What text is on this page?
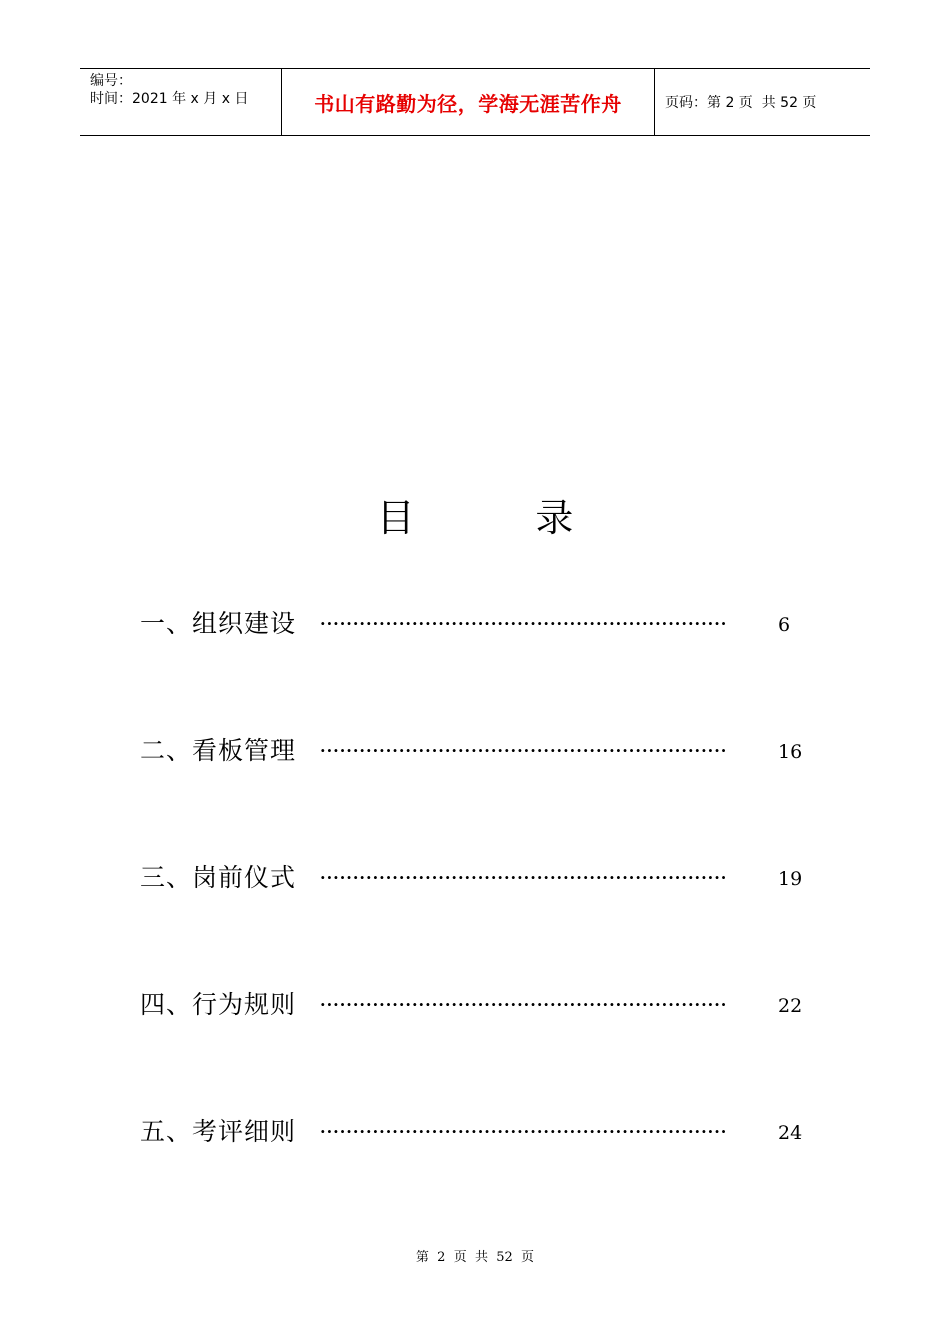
编号：
时间：2021 年 x 月 x 日	书山有路勤为径，学海无涯苦作舟	页码：第 2 页  共 52 页
目          录
一、组织建设	······························································	6
二、看板管理	······························································	16
三、岗前仪式	······························································	19
四、行为规则	······························································	22
五、考评细则	······························································	24
第  2  页  共  52  页
